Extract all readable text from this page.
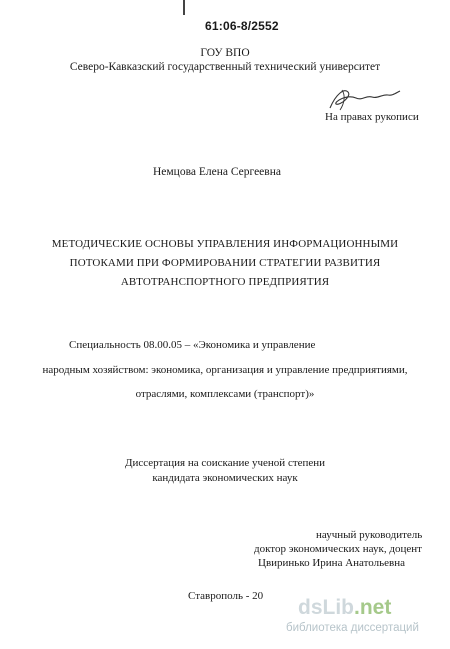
61:06-8/2552
ГОУ ВПО
Северо-Кавказский государственный технический университет
На правах рукописи
Немцова Елена Сергеевна
МЕТОДИЧЕСКИЕ ОСНОВЫ УПРАВЛЕНИЯ ИНФОРМАЦИОННЫМИ
ПОТОКАМИ ПРИ ФОРМИРОВАНИИ СТРАТЕГИИ РАЗВИТИЯ
АВТОТРАНСПОРТНОГО ПРЕДПРИЯТИЯ
Специальность 08.00.05 – «Экономика и управление
народным хозяйством: экономика, организация и управление предприятиями,
отраслями, комплексами (транспорт)»
Диссертация на соискание ученой степени
кандидата экономических наук
научный руководитель
доктор экономических наук, доцент
Цвиринько Ирина Анатольевна
Ставрополь - 20 dsLib.net
библиотека диссертаций
